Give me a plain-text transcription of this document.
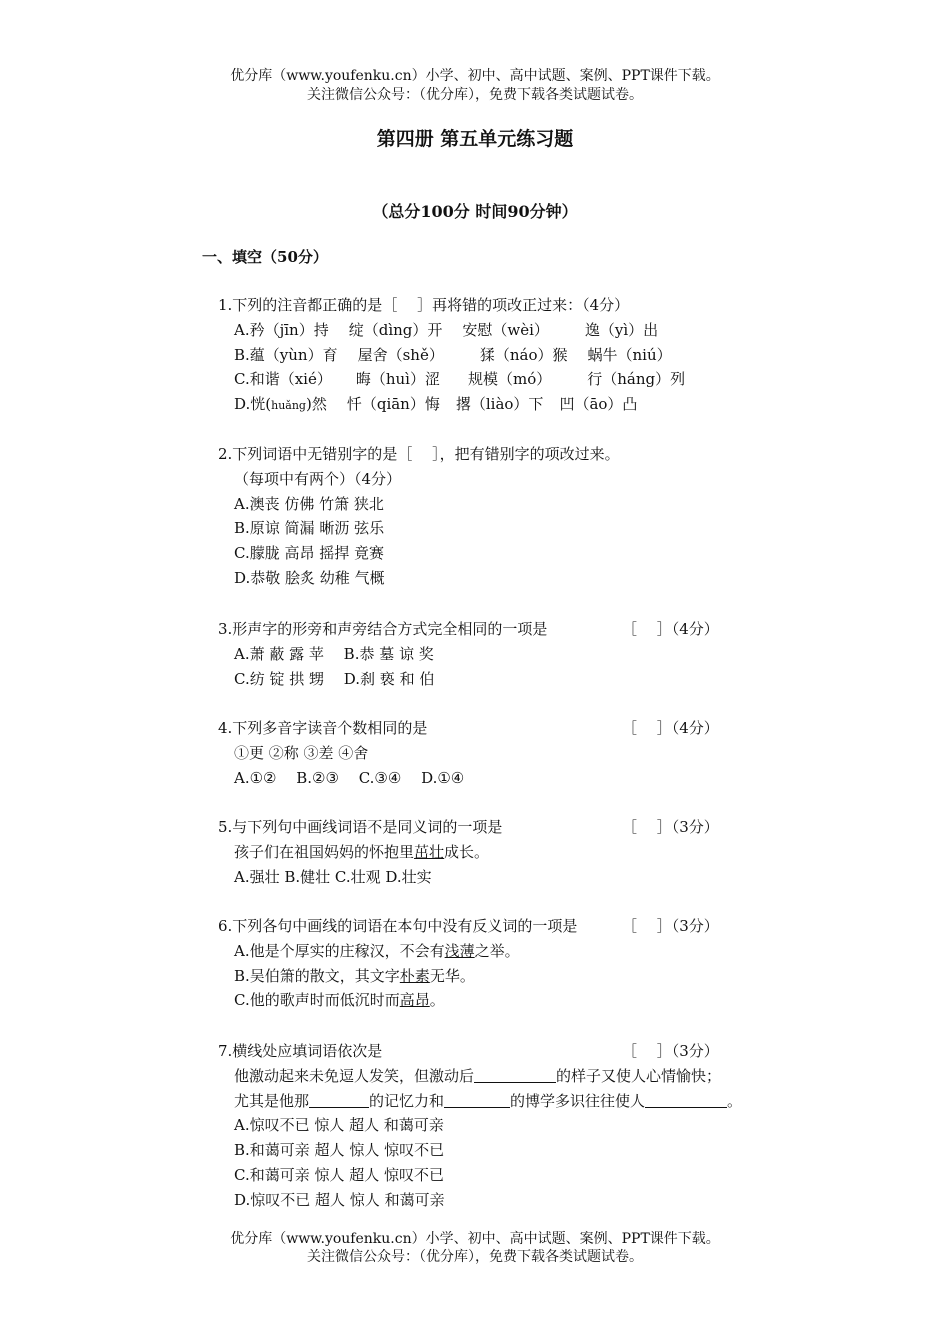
优分库（www.youfenku.cn）小学、初中、高中试题、案例、PPT课件下载。
关注微信公众号：（优分库），免费下载各类试题试卷。
第四册 第五单元练习题
（总分100分 时间90分钟）
一、填空（50分）
1.下列的注音都正确的是［　 ］再将错的项改正过来：（4分）
A.矜（jīn）持 绽（dìng）开 安慰（wèi） 逸（yì）出
B.蕴（yùn）育 屋舍（shě） 猱（náo）猴 蜗牛（niú）
C.和谐（xié） 晦（huì）涩 规模（mó） 行（háng）列
D.恍(huǎng)然 忏（qiān）悔 撂（liào）下 凹（āo）凸
2.下列词语中无错别字的是［　 ］，把有错别字的项改过来。
（每项中有两个）（4分）
A.澳丧 仿佛 竹箫 狭北
B.原谅 简漏 晰沥 弦乐
C.朦胧 高昂 摇捍 竟赛
D.恭敬 脍炙 幼稚 气概
3.形声字的形旁和声旁结合方式完全相同的一项是	［　 ］（4分）
A.萧 蔽 露 苹　 B.恭 墓 谅 奖
C.纺 锭 拱 甥　 D.刹 亵 和 伯
4.下列多音字读音个数相同的是	［　 ］（4分）
①更 ②称 ③差 ④舍
A.①②　 B.②③　 C.③④　 D.①④
5.与下列句中画线词语不是同义词的一项是	［　 ］（3分）
孩子们在祖国妈妈的怀抱里茁壮成长。
A.强壮 B.健壮 C.壮观 D.壮实
6.下列各句中画线的词语在本句中没有反义词的一项是	［　 ］（3分）
A.他是个厚实的庄稼汉，不会有浅薄之举。
B.吴伯箫的散文，其文字朴素无华。
C.他的歌声时而低沉时而高昂。
7.横线处应填词语依次是	［　 ］（3分）
他激动起来未免逗人发笑，但激动后	的样子又使人心情愉快；
尤其是他那	的记忆力和	的博学多识往往使人	。
A.惊叹不已 惊人 超人 和蔼可亲
B.和蔼可亲 超人 惊人 惊叹不已
C.和蔼可亲 惊人 超人 惊叹不已
D.惊叹不已 超人 惊人 和蔼可亲
优分库（www.youfenku.cn）小学、初中、高中试题、案例、PPT课件下载。
关注微信公众号：（优分库），免费下载各类试题试卷。
